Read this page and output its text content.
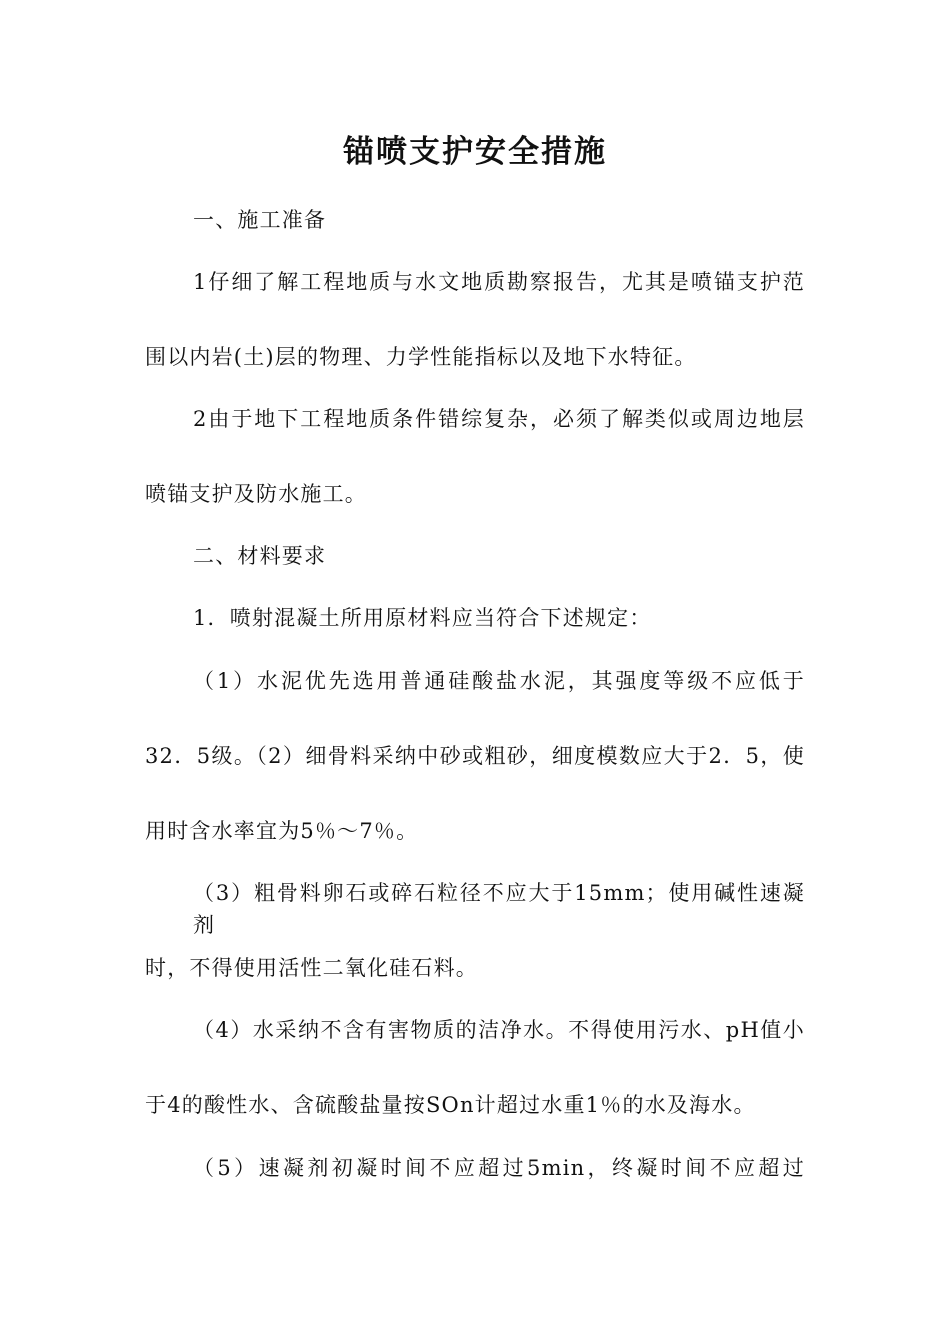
锚喷支护安全措施
一、施工准备
1仔细了解工程地质与水文地质勘察报告，尤其是喷锚支护范
围以内岩(土)层的物理、力学性能指标以及地下水特征。
2由于地下工程地质条件错综复杂，必须了解类似或周边地层
喷锚支护及防水施工。
二、材料要求
1．喷射混凝土所用原材料应当符合下述规定：
（1）水泥优先选用普通硅酸盐水泥，其强度等级不应低于
32．5级。（2）细骨料采纳中砂或粗砂，细度模数应大于2．5，使
用时含水率宜为5％～7％。
（3）粗骨料卵石或碎石粒径不应大于15mm；使用碱性速凝剂
时，不得使用活性二氧化硅石料。
（4）水采纳不含有害物质的洁净水。不得使用污水、pH值小
于4的酸性水、含硫酸盐量按SOn计超过水重1％的水及海水。
（5）速凝剂初凝时间不应超过5min，终凝时间不应超过
